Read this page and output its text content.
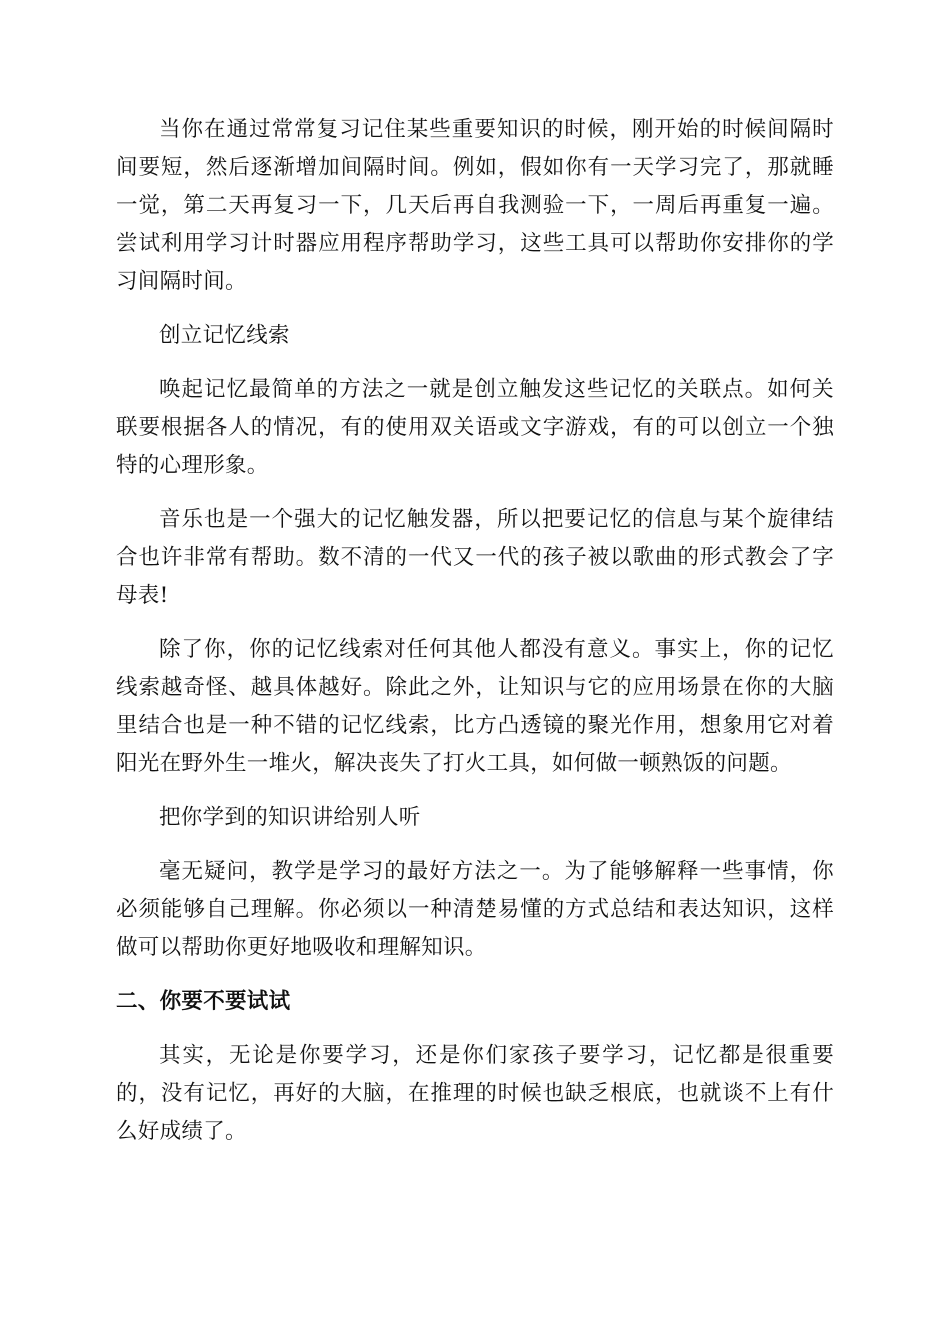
当你在通过常常复习记住某些重要知识的时候，刚开始的时候间隔时间要短，然后逐渐增加间隔时间。例如，假如你有一天学习完了，那就睡一觉，第二天再复习一下，几天后再自我测验一下，一周后再重复一遍。尝试利用学习计时器应用程序帮助学习，这些工具可以帮助你安排你的学习间隔时间。

创立记忆线索

唤起记忆最简单的方法之一就是创立触发这些记忆的关联点。如何关联要根据各人的情况，有的使用双关语或文字游戏，有的可以创立一个独特的心理形象。

音乐也是一个强大的记忆触发器，所以把要记忆的信息与某个旋律结合也许非常有帮助。数不清的一代又一代的孩子被以歌曲的形式教会了字母表!

除了你，你的记忆线索对任何其他人都没有意义。事实上，你的记忆线索越奇怪、越具体越好。除此之外，让知识与它的应用场景在你的大脑里结合也是一种不错的记忆线索，比方凸透镜的聚光作用，想象用它对着阳光在野外生一堆火，解决丧失了打火工具，如何做一顿熟饭的问题。

把你学到的知识讲给别人听

毫无疑问，教学是学习的最好方法之一。为了能够解释一些事情，你必须能够自己理解。你必须以一种清楚易懂的方式总结和表达知识，这样做可以帮助你更好地吸收和理解知识。

二、你要不要试试

其实，无论是你要学习，还是你们家孩子要学习，记忆都是很重要的，没有记忆，再好的大脑，在推理的时候也缺乏根底，也就谈不上有什么好成绩了。
